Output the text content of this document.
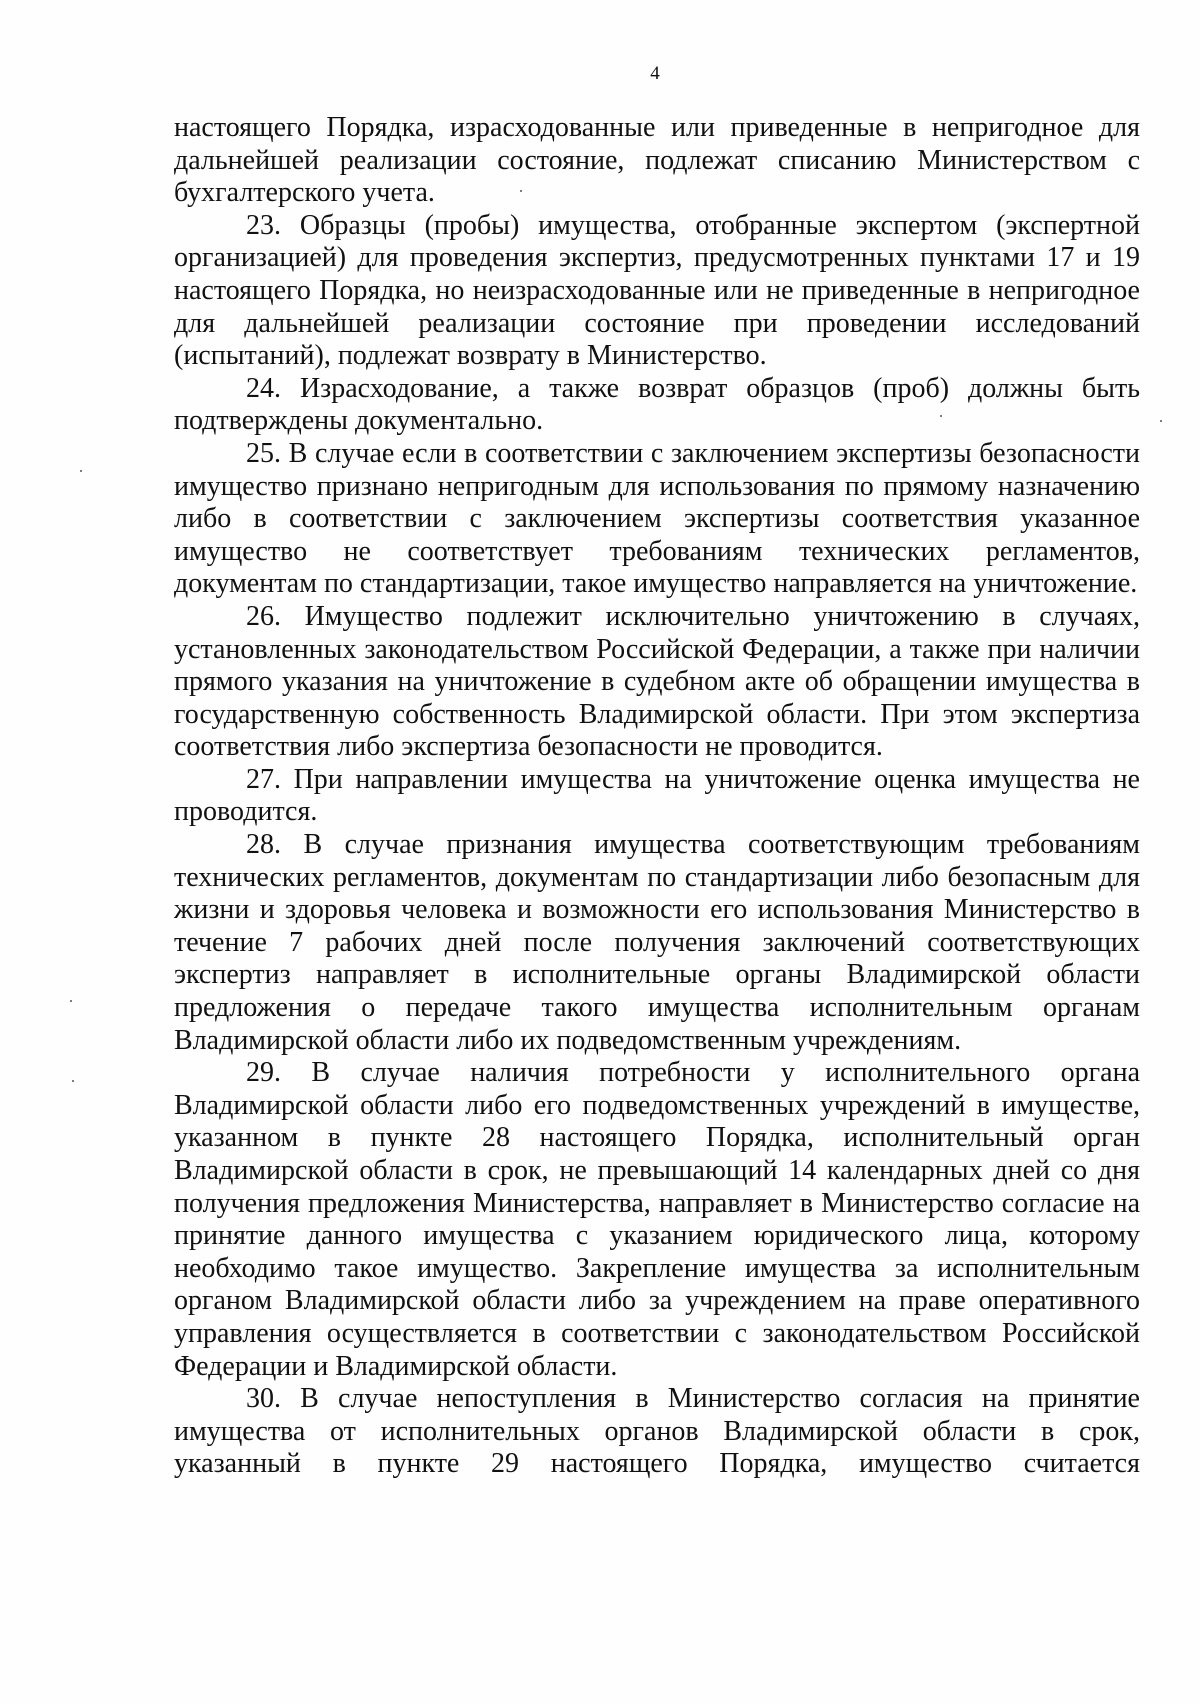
4

настоящего Порядка, израсходованные или приведенные в непригодное для дальнейшей реализации состояние, подлежат списанию Министерством с бухгалтерского учета.

23. Образцы (пробы) имущества, отобранные экспертом (экспертной организацией) для проведения экспертиз, предусмотренных пунктами 17 и 19 настоящего Порядка, но неизрасходованные или не приведенные в непригодное для дальнейшей реализации состояние при проведении исследований (испытаний), подлежат возврату в Министерство.

24. Израсходование, а также возврат образцов (проб) должны быть подтверждены документально.

25. В случае если в соответствии с заключением экспертизы безопасности имущество признано непригодным для использования по прямому назначению либо в соответствии с заключением экспертизы соответствия указанное имущество не соответствует требованиям технических регламентов, документам по стандартизации, такое имущество направляется на уничтожение.

26. Имущество подлежит исключительно уничтожению в случаях, установленных законодательством Российской Федерации, а также при наличии прямого указания на уничтожение в судебном акте об обращении имущества в государственную собственность Владимирской области. При этом экспертиза соответствия либо экспертиза безопасности не проводится.

27. При направлении имущества на уничтожение оценка имущества не проводится.

28. В случае признания имущества соответствующим требованиям технических регламентов, документам по стандартизации либо безопасным для жизни и здоровья человека и возможности его использования Министерство в течение 7 рабочих дней после получения заключений соответствующих экспертиз направляет в исполнительные органы Владимирской области предложения о передаче такого имущества исполнительным органам Владимирской области либо их подведомственным учреждениям.

29. В случае наличия потребности у исполнительного органа Владимирской области либо его подведомственных учреждений в имуществе, указанном в пункте 28 настоящего Порядка, исполнительный орган Владимирской области в срок, не превышающий 14 календарных дней со дня получения предложения Министерства, направляет в Министерство согласие на принятие данного имущества с указанием юридического лица, которому необходимо такое имущество. Закрепление имущества за исполнительным органом Владимирской области либо за учреждением на праве оперативного управления осуществляется в соответствии с законодательством Российской Федерации и Владимирской области.

30. В случае непоступления в Министерство согласия на принятие имущества от исполнительных органов Владимирской области в срок, указанный в пункте 29 настоящего Порядка, имущество считается
